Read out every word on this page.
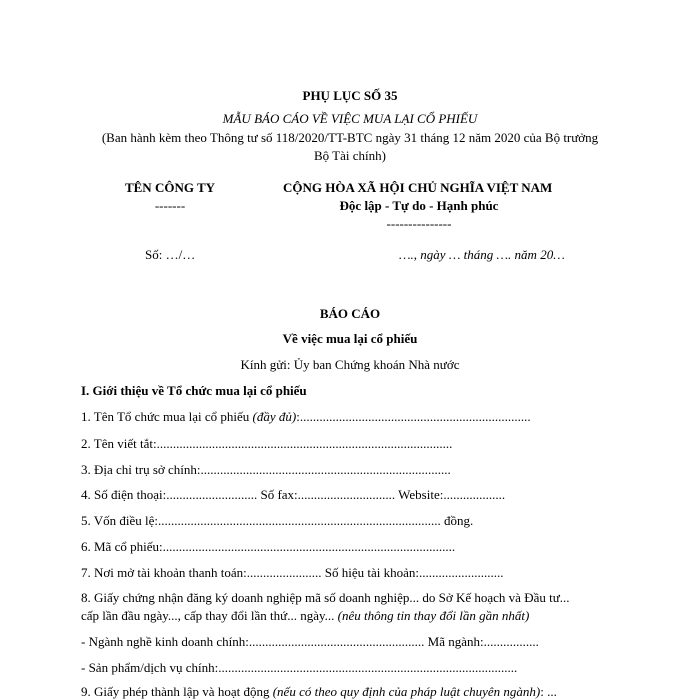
PHỤ LỤC SỐ 35
MẪU BÁO CÁO VỀ VIỆC MUA LẠI CỔ PHIẾU
(Ban hành kèm theo Thông tư số 118/2020/TT-BTC ngày 31 tháng 12 năm 2020 của Bộ trưởng
Bộ Tài chính)
TÊN CÔNG TY
-------
CỘNG HÒA XÃ HỘI CHỦ NGHĨA VIỆT NAM
Độc lập - Tự do - Hạnh phúc
---------------
Số: …/…	…., ngày … tháng …. năm 20…
BÁO CÁO
Về việc mua lại cổ phiếu
Kính gửi: Ủy ban Chứng khoán Nhà nước
I. Giới thiệu về Tổ chức mua lại cổ phiếu
1. Tên Tổ chức mua lại cổ phiếu (đầy đủ):.......................................................................
2. Tên viết tắt:...........................................................................................
3. Địa chỉ trụ sở chính:.............................................................................
4. Số điện thoại:............................ Số fax:.............................. Website:...................
5. Vốn điều lệ:....................................................................................... đồng.
6. Mã cổ phiếu:..........................................................................................
7. Nơi mở tài khoản thanh toán:....................... Số hiệu tài khoản:..........................
8. Giấy chứng nhận đăng ký doanh nghiệp mã số doanh nghiệp... do Sở Kế hoạch và Đầu tư...
cấp lần đầu ngày..., cấp thay đổi lần thứ... ngày... (nêu thông tin thay đổi lần gần nhất)
- Ngành nghề kinh doanh chính:...................................................... Mã ngành:.................
- Sản phẩm/dịch vụ chính:............................................................................................
9. Giấy phép thành lập và hoạt động (nếu có theo quy định của pháp luật chuyên ngành): ...
